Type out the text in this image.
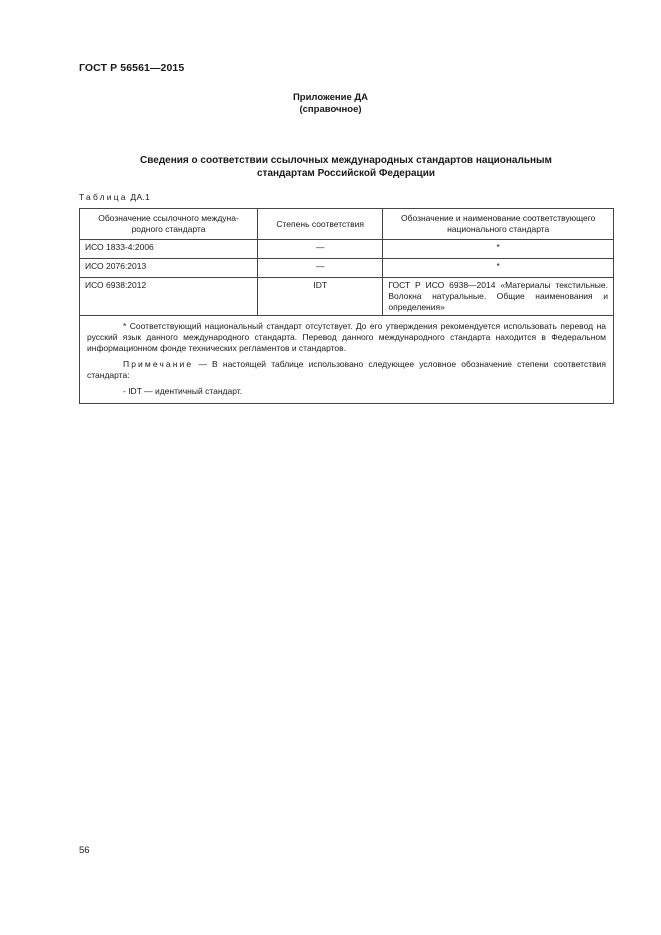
ГОСТ Р 56561—2015
Приложение ДА
(справочное)
Сведения о соответствии ссылочных международных стандартов национальным
стандартам Российской Федерации
Таблица ДА.1
Обозначение ссылочного международного стандарта	Степень соответствия	Обозначение и наименование соответствующего национального стандарта
ИСО 1833-4:2006	—	*
ИСО 2076:2013	—	*
ИСО 6938:2012	IDT	ГОСТ Р ИСО 6938—2014 «Материалы текстильные. Волокна натуральные. Общие наименования и определения»

* Соответствующий национальный стандарт отсутствует. До его утверждения рекомендуется использовать перевод на русский язык данного международного стандарта. Перевод данного международного стандарта находится в Федеральном информационном фонде технических регламентов и стандартов.

Примечание — В настоящей таблице использовано следующее условное обозначение степени соответствия стандарта:

- IDT — идентичный стандарт.		

56
